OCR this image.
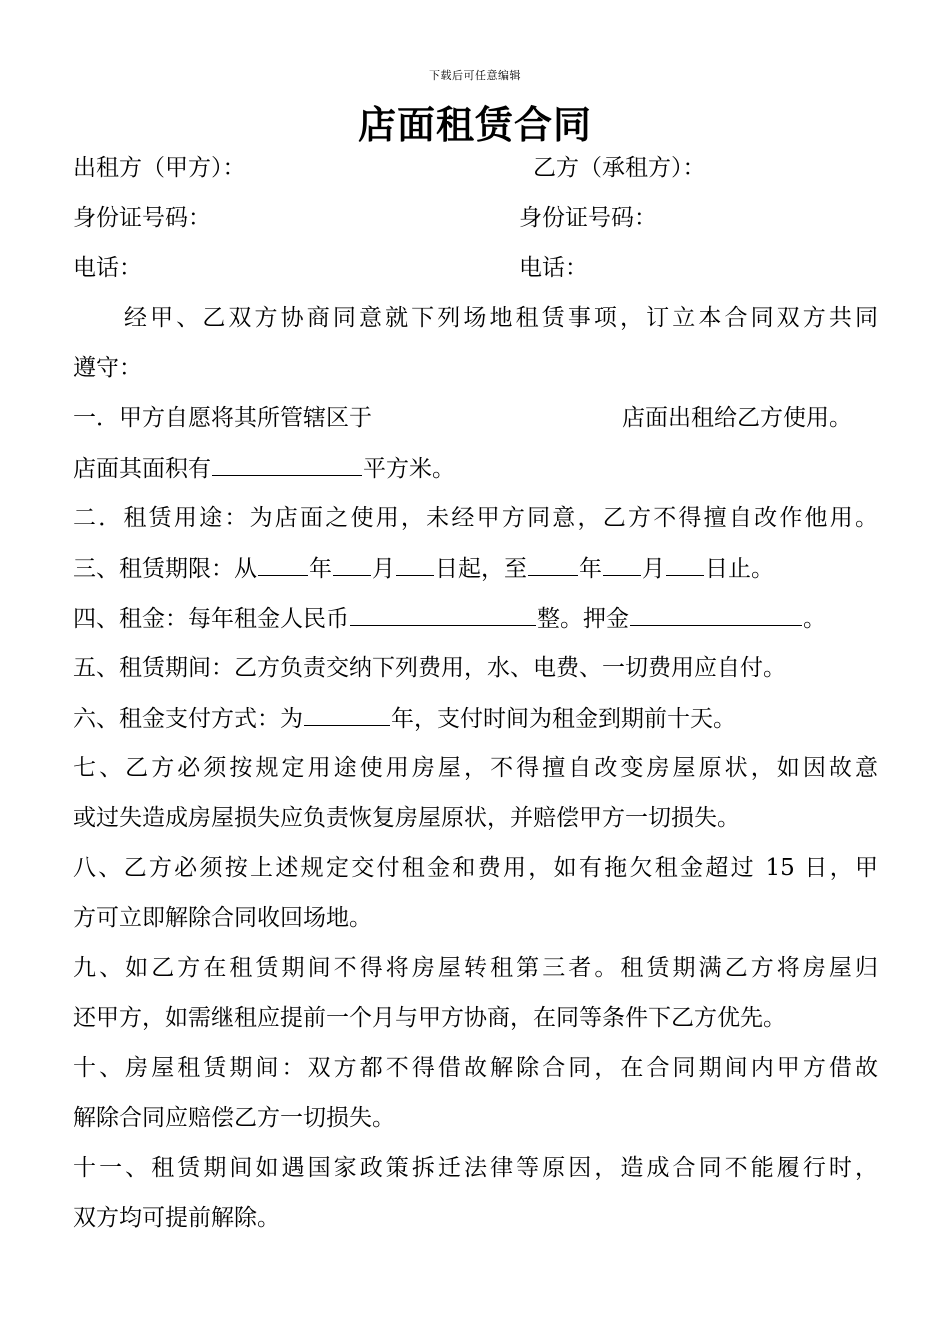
下载后可任意编辑
店面租赁合同
出租方（甲方）：	乙方（承租方）：
身份证号码：	身份证号码：
电话：	电话：
经甲、乙双方协商同意就下列场地租赁事项，订立本合同双方共同
遵守：
一．甲方自愿将其所管辖区于	店面出租给乙方使用。
店面其面积有	平方米。
二．租赁用途：为店面之使用，未经甲方同意，乙方不得擅自改作他用。
三、租赁期限：从 年 月 日起，至 年 月 日止。
四、租金：每年租金人民币	整。押金	。
五、租赁期间：乙方负责交纳下列费用，水、电费、一切费用应自付。
六、租金支付方式：为	年，支付时间为租金到期前十天。
七、乙方必须按规定用途使用房屋，不得擅自改变房屋原状，如因故意
或过失造成房屋损失应负责恢复房屋原状，并赔偿甲方一切损失。
八、乙方必须按上述规定交付租金和费用，如有拖欠租金超过 15 日，甲
方可立即解除合同收回场地。
九、如乙方在租赁期间不得将房屋转租第三者。租赁期满乙方将房屋归
还甲方，如需继租应提前一个月与甲方协商，在同等条件下乙方优先。
十、房屋租赁期间：双方都不得借故解除合同，在合同期间内甲方借故
解除合同应赔偿乙方一切损失。
十一、租赁期间如遇国家政策拆迁法律等原因，造成合同不能履行时，
双方均可提前解除。
